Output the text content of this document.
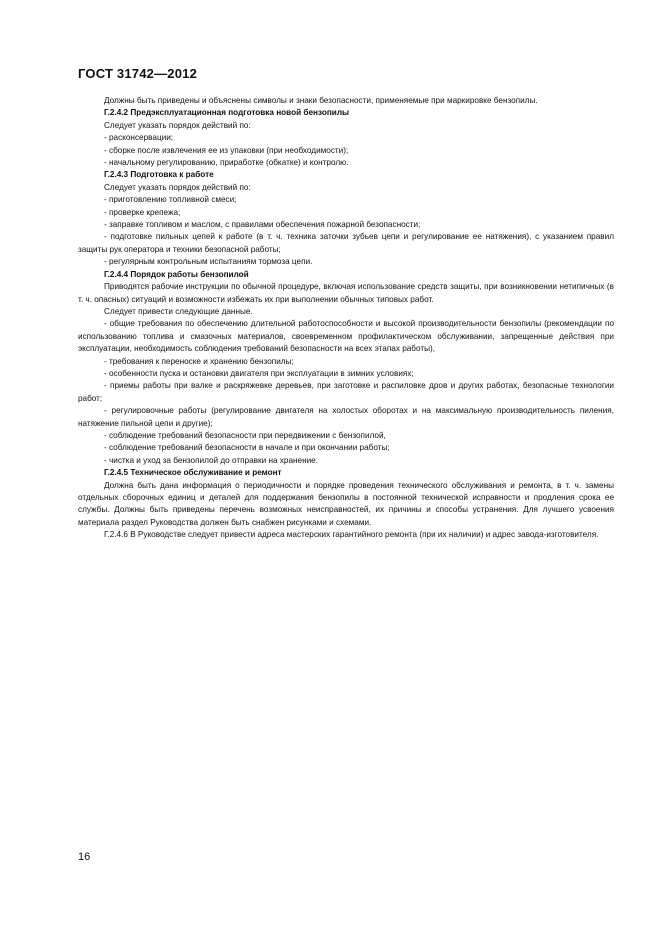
ГОСТ 31742—2012

Должны быть приведены и объяснены символы и знаки безопасности, применяемые при маркировке бензопилы.

Г.2.4.2 Предэксплуатационная подготовка новой бензопилы

Следует указать порядок действий по:

- расконсервации;

- сборке после извлечения ее из упаковки (при необходимости);

- начальному регулированию, приработке (обкатке) и контролю.

Г.2.4.3 Подготовка к работе

Следует указать порядок действий по:

- приготовлению топливной смеси;

- проверке крепежа;

- заправке топливом и маслом, с правилами обеспечения пожарной безопасности;

- подготовке пильных цепей к работе (в т. ч. техника заточки зубьев цепи и регулирование ее натяжения), с указанием правил защиты рук оператора и техники безопасной работы;

- регулярным контрольным испытаниям тормоза цепи.

Г.2.4.4 Порядок работы бензопилой

Приводятся рабочие инструкции по обычной процедуре, включая использование средств защиты, при возникновении нетипичных (в т. ч. опасных) ситуаций и возможности избежать их при выполнении обычных типовых работ.

Следует привести следующие данные.

- общие требования по обеспечению длительной работоспособности и высокой производительности бензопилы (рекомендации по использованию топлива и смазочных материалов, своевременном профилактическом обслуживании, запрещенные действия при эксплуатации, необходимость соблюдения требований безопасности на всех этапах работы),

- требования к переноске и хранению бензопилы;

- особенности пуска и остановки двигателя при эксплуатации в зимних условиях;

- приемы работы при валке и раскряжевке деревьев, при заготовке и распиловке дров и других работах, безопасные технологии работ;

- регулировочные работы (регулирование двигателя на холостых оборотах и на максимальную производительность пиления, натяжение пильной цепи и другие);

- соблюдение требований безопасности при передвижении с бензопилой,

- соблюдение требований безопасности в начале и при окончании работы;

- чистка и уход за бензопилой до отправки на хранение.

Г.2.4.5 Техническое обслуживание и ремонт

Должна быть дана информация о периодичности и порядке проведения технического обслуживания и ремонта, в т. ч. замены отдельных сборочных единиц и деталей для поддержания бензопилы в постоянной технической исправности и продления срока ее службы. Должны быть приведены перечень возможных неисправностей, их причины и способы устранения. Для лучшего усвоения материала раздел Руководства должен быть снабжен рисунками и схемами.

Г.2.4.6 В Руководстве следует привести адреса мастерских гарантийного ремонта (при их наличии) и адрес завода-изготовителя.

16
